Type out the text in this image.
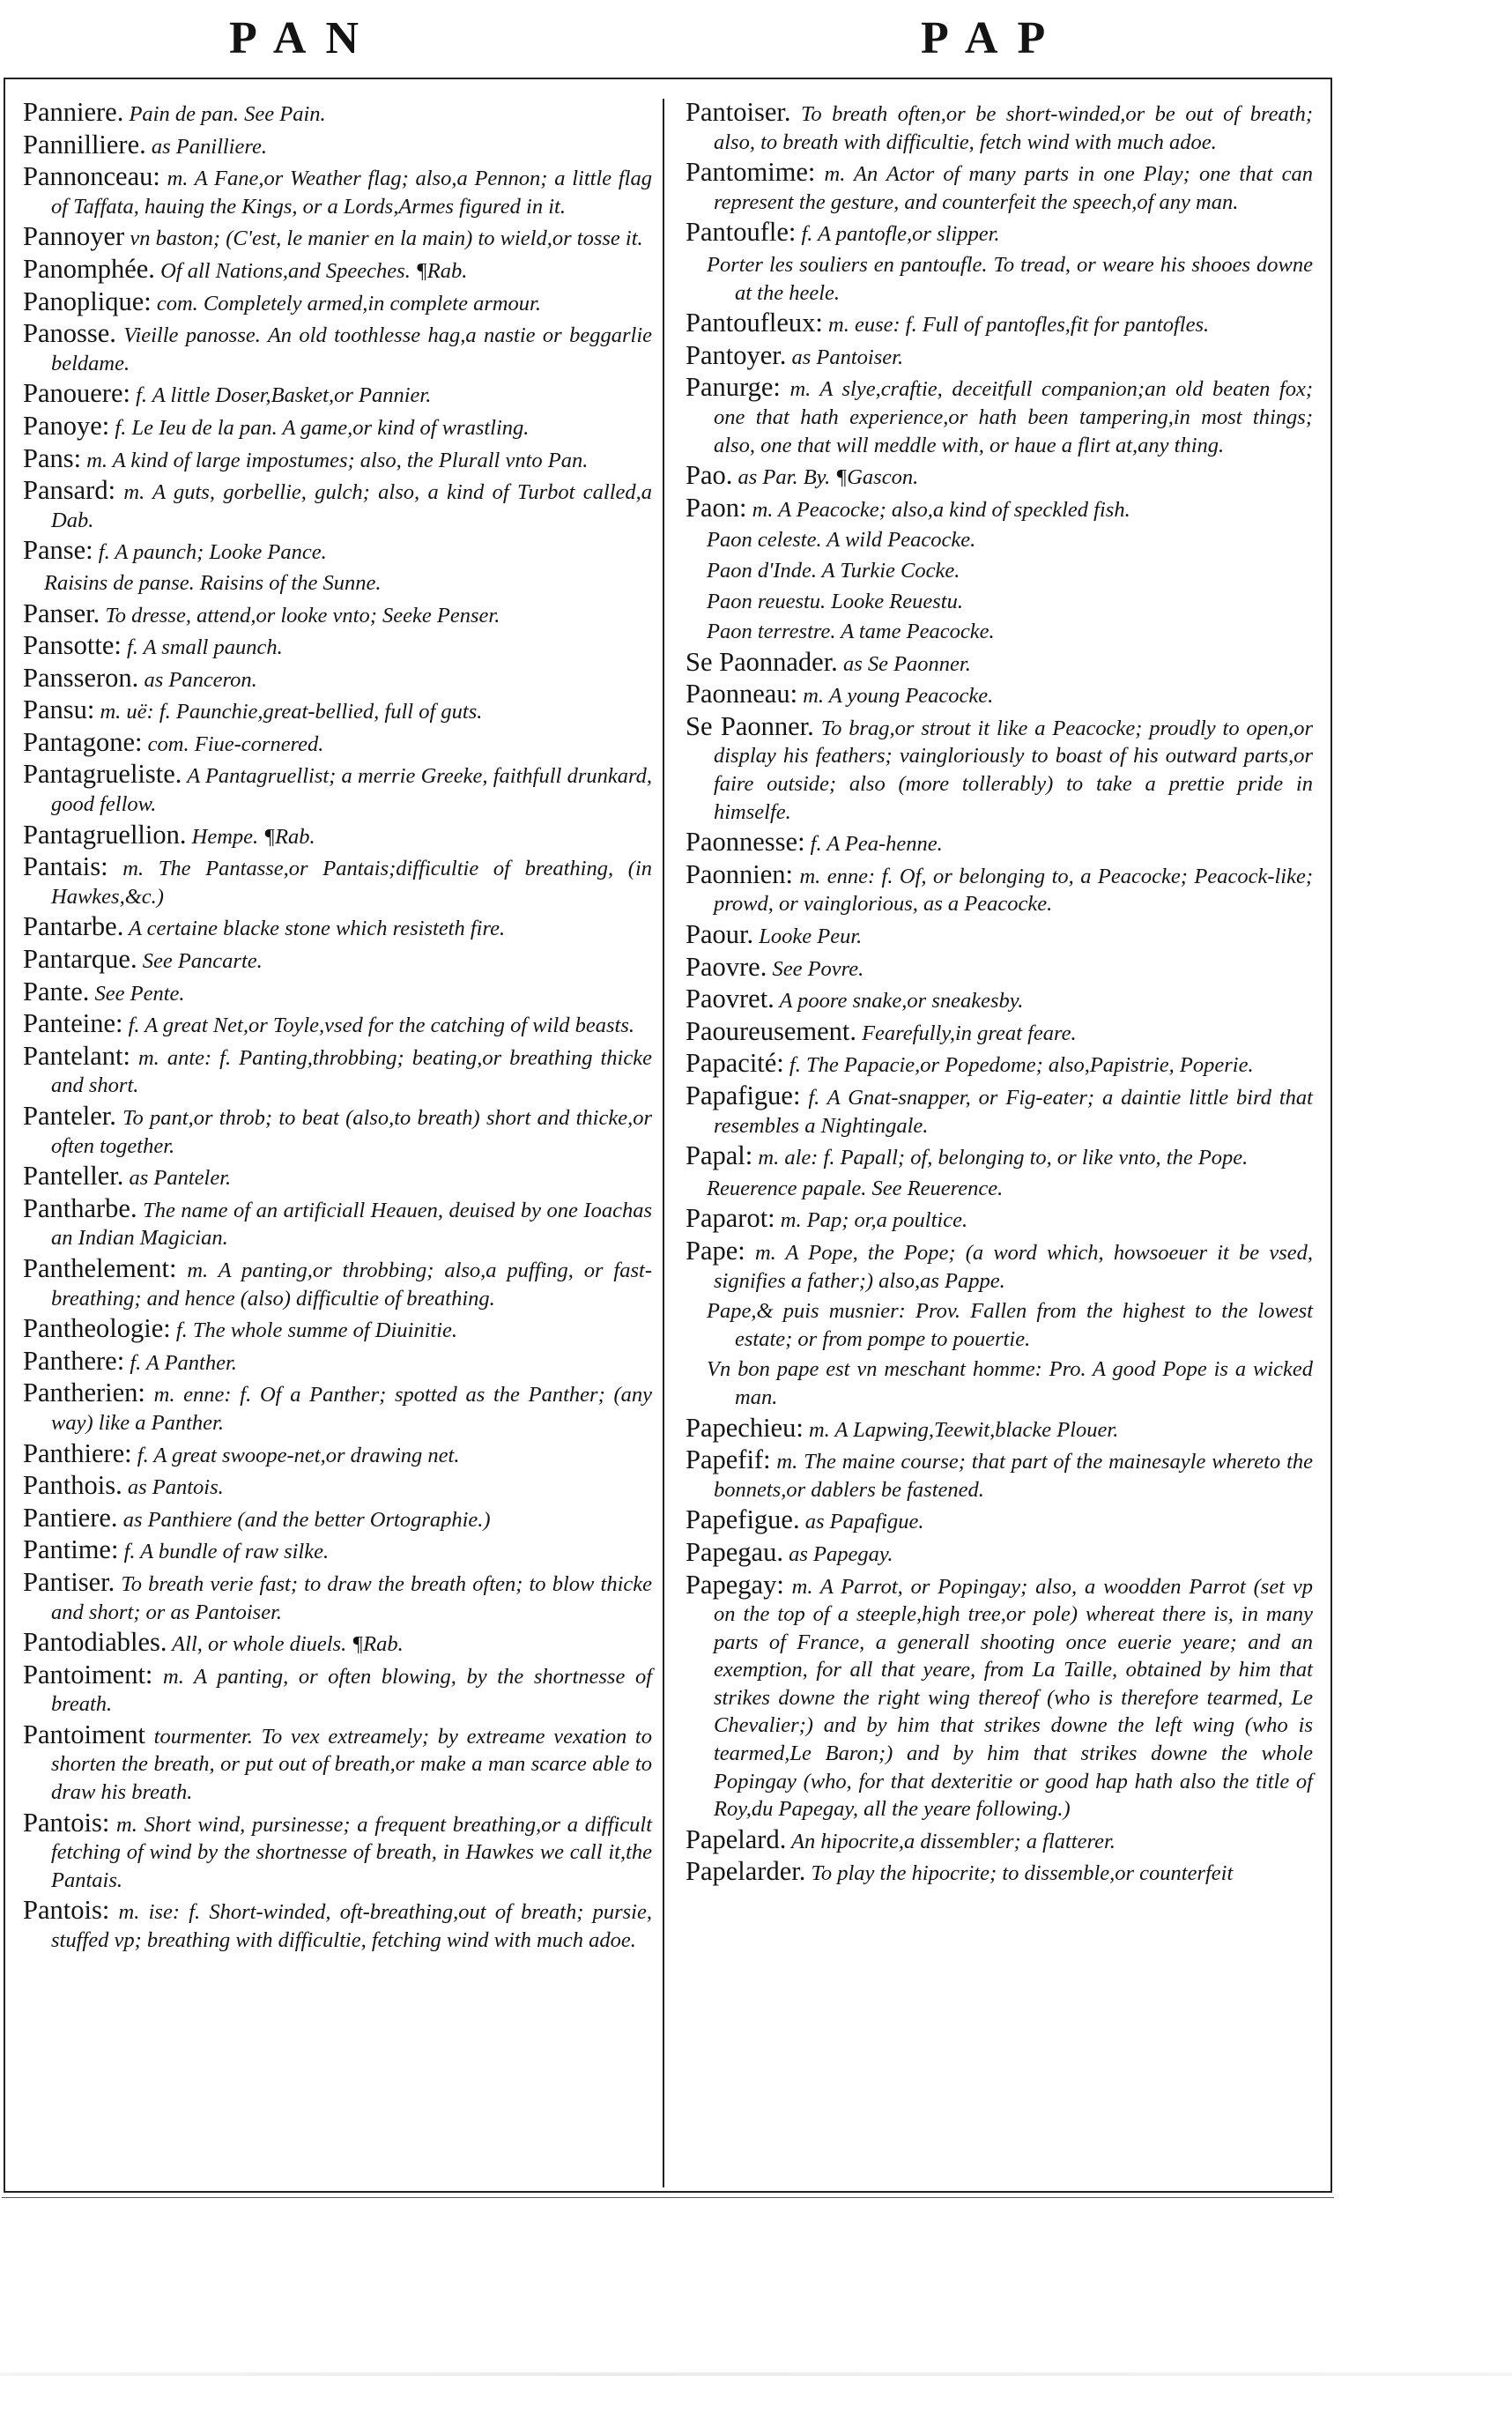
PAN	PAP

Panniere. Pain de pan. See Pain.

Pannilliere. as Panilliere.

Pannonceau: m. A Fane,or Weather flag; also,a Pennon; a little flag of Taffata, hauing the Kings, or a Lords,Armes figured in it.

Pannoyer vn baston; (C'est, le manier en la main) to wield,or tosse it.

Panomphée. Of all Nations,and Speeches. ¶Rab.

Panoplique: com. Completely armed,in complete armour.

Panosse. Vieille panosse. An old toothlesse hag,a nastie or beggarlie beldame.

Panouere: f. A little Doser,Basket,or Pannier.

Panoye: f. Le Ieu de la pan. A game,or kind of wrastling.

Pans: m. A kind of large impostumes; also, the Plurall vnto Pan.

Pansard: m. A guts, gorbellie, gulch; also, a kind of Turbot called,a Dab.

Panse: f. A paunch; Looke Pance.

Raisins de panse. Raisins of the Sunne.

Panser. To dresse, attend,or looke vnto; Seeke Penser.

Pansotte: f. A small paunch.

Pansseron. as Panceron.

Pansu: m. uë: f. Paunchie,great-bellied, full of guts.

Pantagone: com. Fiue-cornered.

Pantagrueliste. A Pantagruellist; a merrie Greeke, faithfull drunkard, good fellow.

Pantagruellion. Hempe. ¶Rab.

Pantais: m. The Pantasse,or Pantais;difficultie of breathing, (in Hawkes,&c.)

Pantarbe. A certaine blacke stone which resisteth fire.

Pantarque. See Pancarte.

Pante. See Pente.

Panteine: f. A great Net,or Toyle,vsed for the catching of wild beasts.

Pantelant: m. ante: f. Panting,throbbing; beating,or breathing thicke and short.

Panteler. To pant,or throb; to beat (also,to breath) short and thicke,or often together.

Panteller. as Panteler.

Pantharbe. The name of an artificiall Heauen, deuised by one Ioachas an Indian Magician.

Panthelement: m. A panting,or throbbing; also,a puffing, or fast-breathing; and hence (also) difficultie of breathing.

Pantheologie: f. The whole summe of Diuinitie.

Panthere: f. A Panther.

Pantherien: m. enne: f. Of a Panther; spotted as the Panther; (any way) like a Panther.

Panthiere: f. A great swoope-net,or drawing net.

Panthois. as Pantois.

Pantiere. as Panthiere (and the better Ortographie.)

Pantime: f. A bundle of raw silke.

Pantiser. To breath verie fast; to draw the breath often; to blow thicke and short; or as Pantoiser.

Pantodiables. All, or whole diuels. ¶Rab.

Pantoiment: m. A panting, or often blowing, by the shortnesse of breath.

Pantoiment tourmenter. To vex extreamely; by extreame vexation to shorten the breath, or put out of breath,or make a man scarce able to draw his breath.

Pantois: m. Short wind, pursinesse; a frequent breathing,or a difficult fetching of wind by the shortnesse of breath, in Hawkes we call it,the Pantais.

Pantois: m. ise: f. Short-winded, oft-breathing,out of breath; pursie, stuffed vp; breathing with difficultie, fetching wind with much adoe.

Pantoiser. To breath often,or be short-winded,or be out of breath; also, to breath with difficultie, fetch wind with much adoe.

Pantomime: m. An Actor of many parts in one Play; one that can represent the gesture, and counterfeit the speech,of any man.

Pantoufle: f. A pantofle,or slipper.

Porter les souliers en pantoufle. To tread, or weare his shooes downe at the heele.

Pantoufleux: m. euse: f. Full of pantofles,fit for pantofles.

Pantoyer. as Pantoiser.

Panurge: m. A slye,craftie, deceitfull companion;an old beaten fox; one that hath experience,or hath been tampering,in most things; also, one that will meddle with, or haue a flirt at,any thing.

Pao. as Par. By. ¶Gascon.

Paon: m. A Peacocke; also,a kind of speckled fish.

Paon celeste. A wild Peacocke.

Paon d'Inde. A Turkie Cocke.

Paon reuestu. Looke Reuestu.

Paon terrestre. A tame Peacocke.

Se Paonnader. as Se Paonner.

Paonneau: m. A young Peacocke.

Se Paonner. To brag,or strout it like a Peacocke; proudly to open,or display his feathers; vaingloriously to boast of his outward parts,or faire outside; also (more tollerably) to take a prettie pride in himselfe.

Paonnesse: f. A Pea-henne.

Paonnien: m. enne: f. Of, or belonging to, a Peacocke; Peacock-like; prowd, or vainglorious, as a Peacocke.

Paour. Looke Peur.

Paovre. See Povre.

Paovret. A poore snake,or sneakesby.

Paoureusement. Fearefully,in great feare.

Papacité: f. The Papacie,or Popedome; also,Papistrie, Poperie.

Papafigue: f. A Gnat-snapper, or Fig-eater; a daintie little bird that resembles a Nightingale.

Papal: m. ale: f. Papall; of, belonging to, or like vnto, the Pope.

Reuerence papale. See Reuerence.

Paparot: m. Pap; or,a poultice.

Pape: m. A Pope, the Pope; (a word which, howsoeuer it be vsed, signifies a father;) also,as Pappe.

Pape,& puis musnier: Prov. Fallen from the highest to the lowest estate; or from pompe to pouertie.

Vn bon pape est vn meschant homme: Pro. A good Pope is a wicked man.

Papechieu: m. A Lapwing,Teewit,blacke Plouer.

Papefif: m. The maine course; that part of the mainesayle whereto the bonnets,or dablers be fastened.

Papefigue. as Papafigue.

Papegau. as Papegay.

Papegay: m. A Parrot, or Popingay; also, a woodden Parrot (set vp on the top of a steeple,high tree,or pole) whereat there is, in many parts of France, a generall shooting once euerie yeare; and an exemption, for all that yeare, from La Taille, obtained by him that strikes downe the right wing thereof (who is therefore tearmed, Le Chevalier;) and by him that strikes downe the left wing (who is tearmed,Le Baron;) and by him that strikes downe the whole Popingay (who, for that dexteritie or good hap hath also the title of Roy,du Papegay, all the yeare following.)

Papelard. An hipocrite,a dissembler; a flatterer.

Papelarder. To play the hipocrite; to dissemble,or counterfeit
